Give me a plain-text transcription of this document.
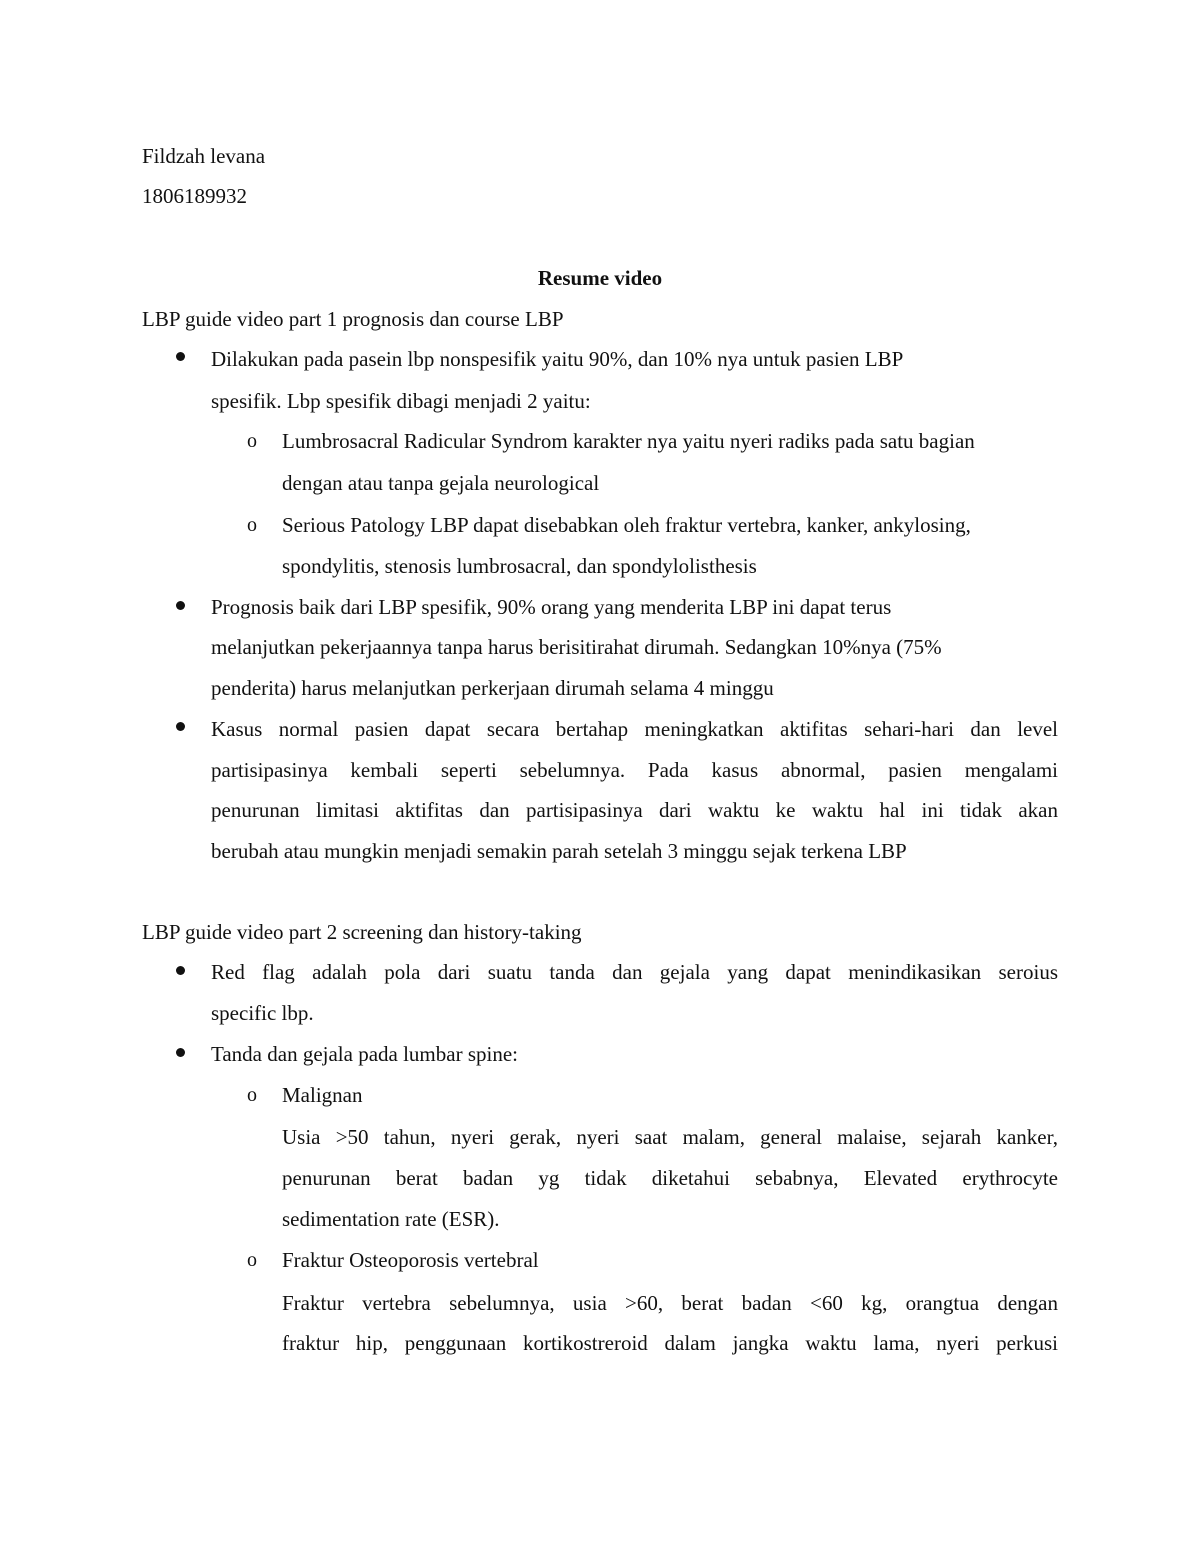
Fildzah levana
1806189932
Resume video
LBP guide video part 1 prognosis dan course LBP
Dilakukan pada pasein lbp nonspesifik yaitu 90%, dan 10% nya untuk pasien LBP
spesifik. Lbp spesifik dibagi menjadi 2 yaitu:
o Lumbrosacral Radicular Syndrom karakter nya yaitu nyeri radiks pada satu bagian
dengan atau tanpa gejala neurological
o Serious Patology LBP dapat disebabkan oleh fraktur vertebra, kanker, ankylosing,
spondylitis, stenosis lumbrosacral, dan spondylolisthesis
Prognosis baik dari LBP spesifik, 90% orang yang menderita LBP ini dapat terus
melanjutkan pekerjaannya tanpa harus berisitirahat dirumah. Sedangkan 10%nya (75%
penderita) harus melanjutkan perkerjaan dirumah selama 4 minggu
Kasus normal pasien dapat secara bertahap meningkatkan aktifitas sehari-hari dan level
partisipasinya kembali seperti sebelumnya. Pada kasus abnormal, pasien mengalami
penurunan limitasi aktifitas dan partisipasinya dari waktu ke waktu hal ini tidak akan
berubah atau mungkin menjadi semakin parah setelah 3 minggu sejak terkena LBP
LBP guide video part 2 screening dan history-taking
Red flag adalah pola dari suatu tanda dan gejala yang dapat menindikasikan seroius
specific lbp.
Tanda dan gejala pada lumbar spine:
o Malignan
Usia >50 tahun, nyeri gerak, nyeri saat malam, general malaise, sejarah kanker,
penurunan berat badan yg tidak diketahui sebabnya, Elevated erythrocyte
sedimentation rate (ESR).
o Fraktur Osteoporosis vertebral
Fraktur vertebra sebelumnya, usia >60, berat badan <60 kg, orangtua dengan
fraktur hip, penggunaan kortikostreroid dalam jangka waktu lama, nyeri perkusi
